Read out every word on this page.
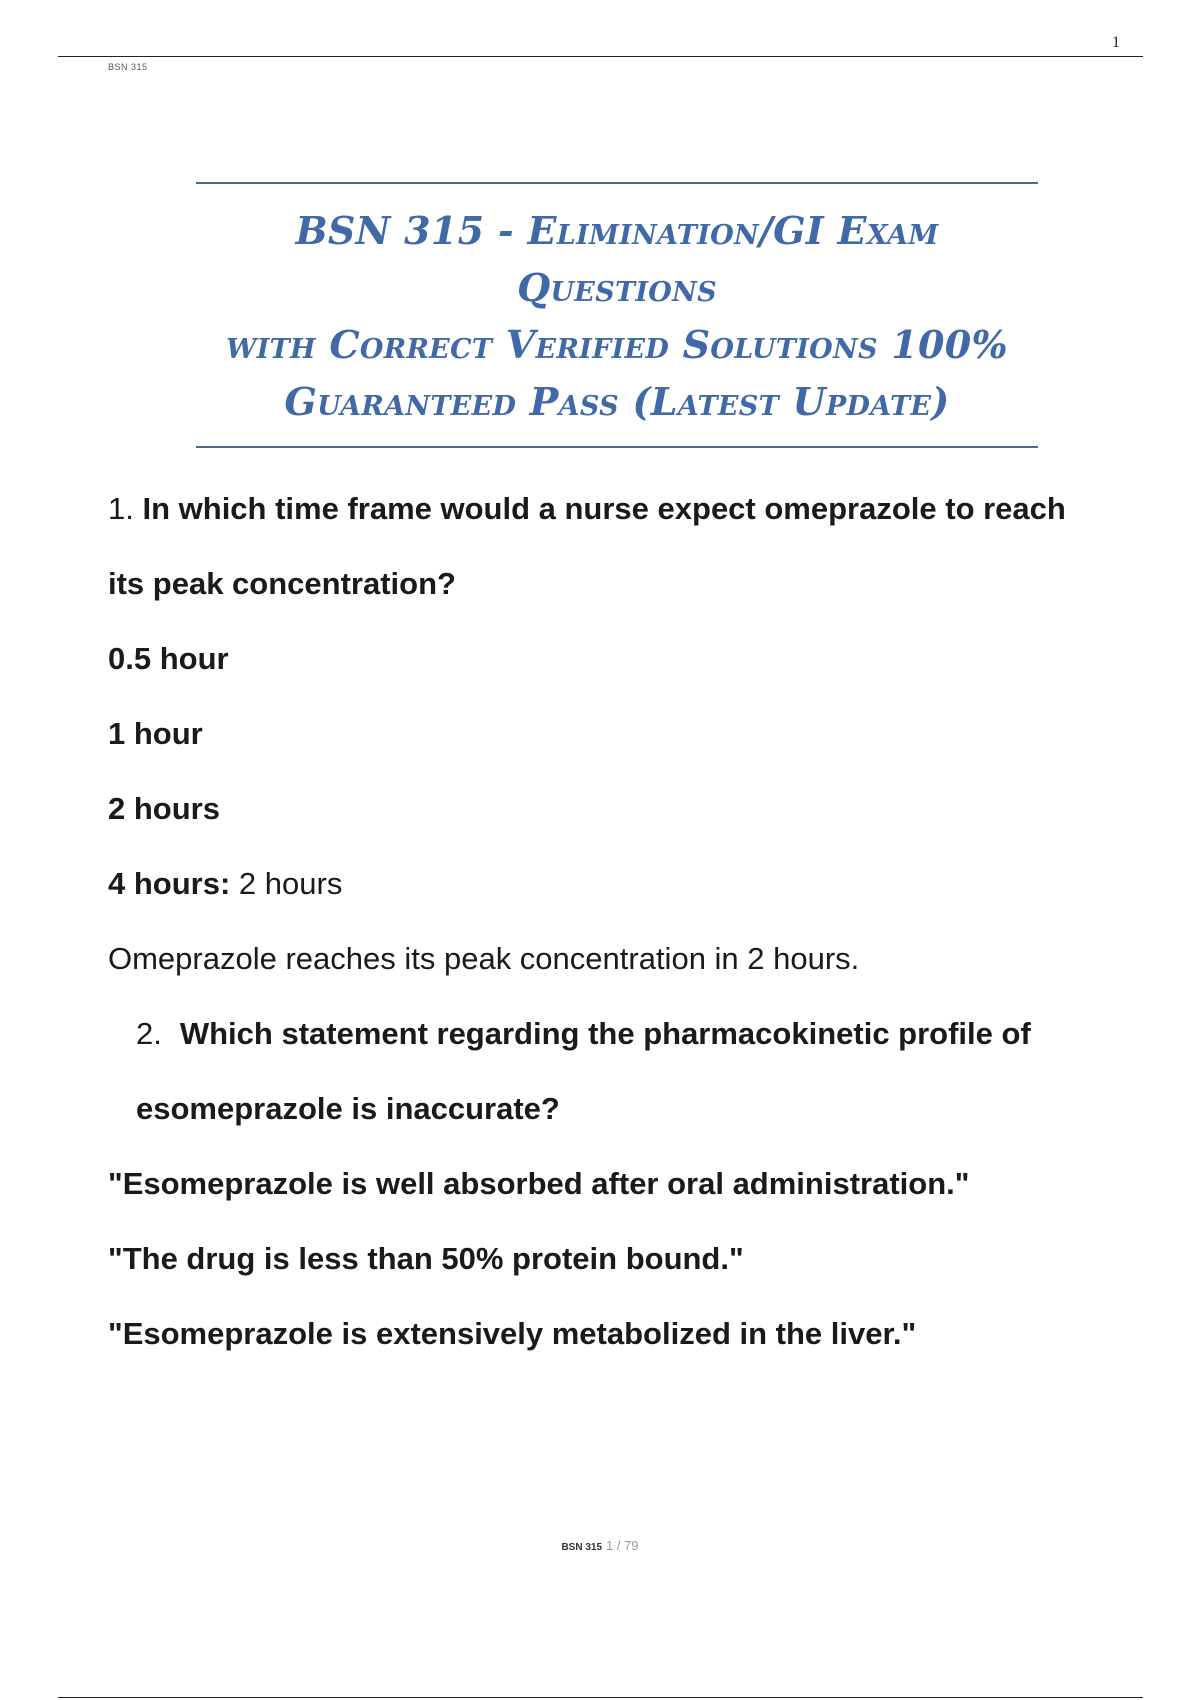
1
BSN 315

BSN 315 - Elimination/GI Exam Questions

with Correct Verified Solutions 100%

Guaranteed Pass (Latest Update)

1. In which time frame would a nurse expect omeprazole to reach

its peak concentration?

0.5 hour

1 hour

2 hours

4 hours: 2 hours

Omeprazole reaches its peak concentration in 2 hours.

2. Which statement regarding the pharmacokinetic profile of

esomeprazole is inaccurate?

"Esomeprazole is well absorbed after oral administration."

"The drug is less than 50% protein bound."

"Esomeprazole is extensively metabolized in the liver."

BSN 315 1 / 79
